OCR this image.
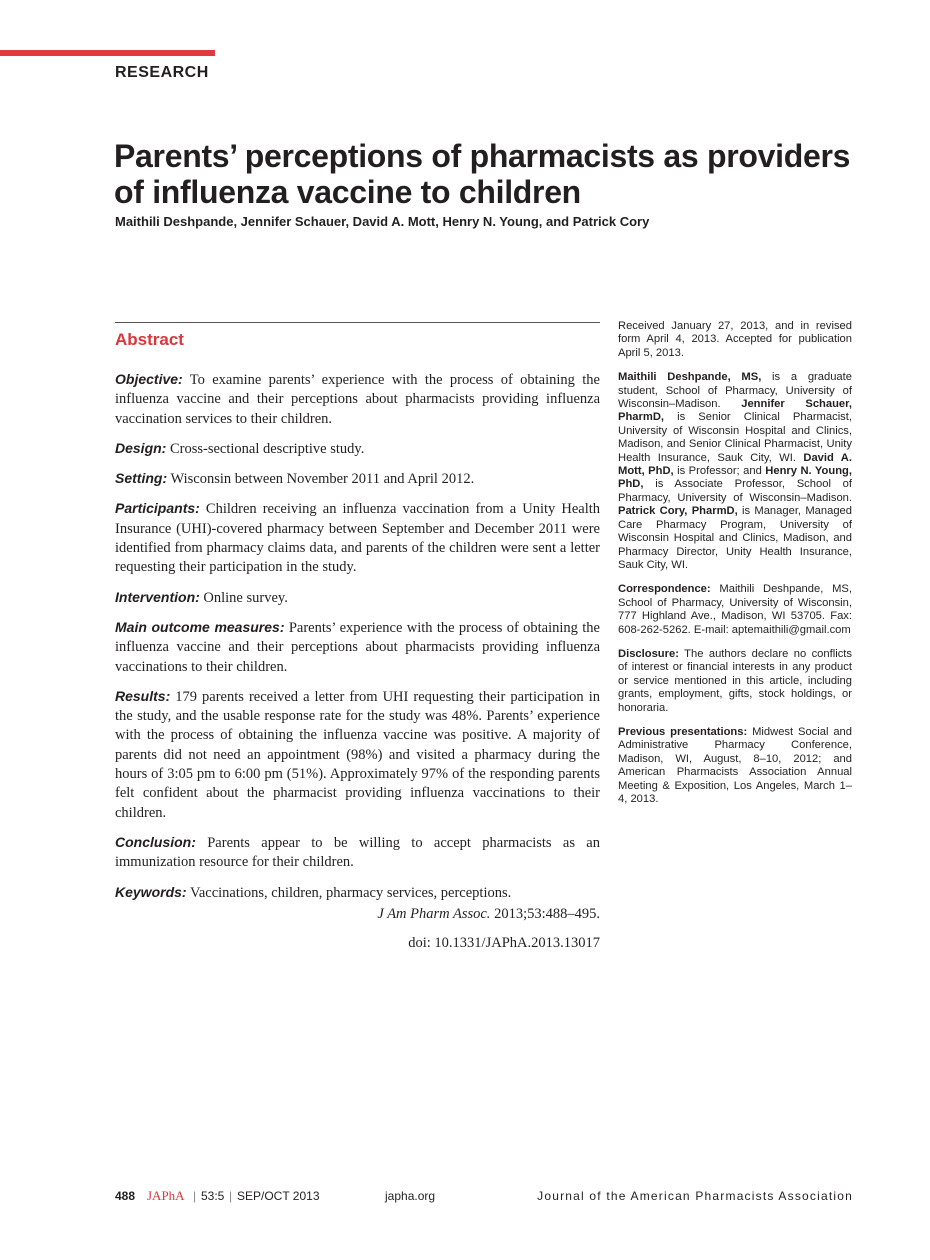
RESEARCH
Parents’ perceptions of pharmacists as providers of influenza vaccine to children
Maithili Deshpande, Jennifer Schauer, David A. Mott, Henry N. Young, and Patrick Cory
Abstract

Objective: To examine parents’ experience with the process of obtaining the influenza vaccine and their perceptions about pharmacists providing influenza vaccination services to their children.

Design: Cross-sectional descriptive study.

Setting: Wisconsin between November 2011 and April 2012.

Participants: Children receiving an influenza vaccination from a Unity Health Insurance (UHI)-covered pharmacy between September and December 2011 were identified from pharmacy claims data, and parents of the children were sent a letter requesting their participation in the study.

Intervention: Online survey.

Main outcome measures: Parents’ experience with the process of obtaining the influenza vaccine and their perceptions about pharmacists providing influenza vaccinations to their children.

Results: 179 parents received a letter from UHI requesting their participation in the study, and the usable response rate for the study was 48%. Parents’ experience with the process of obtaining the influenza vaccine was positive. A majority of parents did not need an appointment (98%) and visited a pharmacy during the hours of 3:05 pm to 6:00 pm (51%). Approximately 97% of the responding parents felt confident about the pharmacist providing influenza vaccinations to their children.

Conclusion: Parents appear to be willing to accept pharmacists as an immunization resource for their children.

Keywords: Vaccinations, children, pharmacy services, perceptions.

J Am Pharm Assoc. 2013;53:488–495.

doi: 10.1331/JAPhA.2013.13017

Received January 27, 2013, and in revised form April 4, 2013. Accepted for publication April 5, 2013.

Maithili Deshpande, MS, is a graduate student, School of Pharmacy, University of Wisconsin–Madison. Jennifer Schauer, PharmD, is Senior Clinical Pharmacist, University of Wisconsin Hospital and Clinics, Madison, and Senior Clinical Pharmacist, Unity Health Insurance, Sauk City, WI. David A. Mott, PhD, is Professor; and Henry N. Young, PhD, is Associate Professor, School of Pharmacy, University of Wisconsin–Madison. Patrick Cory, PharmD, is Manager, Managed Care Pharmacy Program, University of Wisconsin Hospital and Clinics, Madison, and Pharmacy Director, Unity Health Insurance, Sauk City, WI.

Correspondence: Maithili Deshpande, MS, School of Pharmacy, University of Wisconsin, 777 Highland Ave., Madison, WI 53705. Fax: 608-262-5262. E-mail: aptemaithili@gmail.com

Disclosure: The authors declare no conflicts of interest or financial interests in any product or service mentioned in this article, including grants, employment, gifts, stock holdings, or honoraria.

Previous presentations: Midwest Social and Administrative Pharmacy Conference, Madison, WI, August, 8–10, 2012; and American Pharmacists Association Annual Meeting & Exposition, Los Angeles, March 1–4, 2013.

488 JAPhA | 53:5 | SEP/OCT 2013	japha.org	Journal of the American Pharmacists Association
